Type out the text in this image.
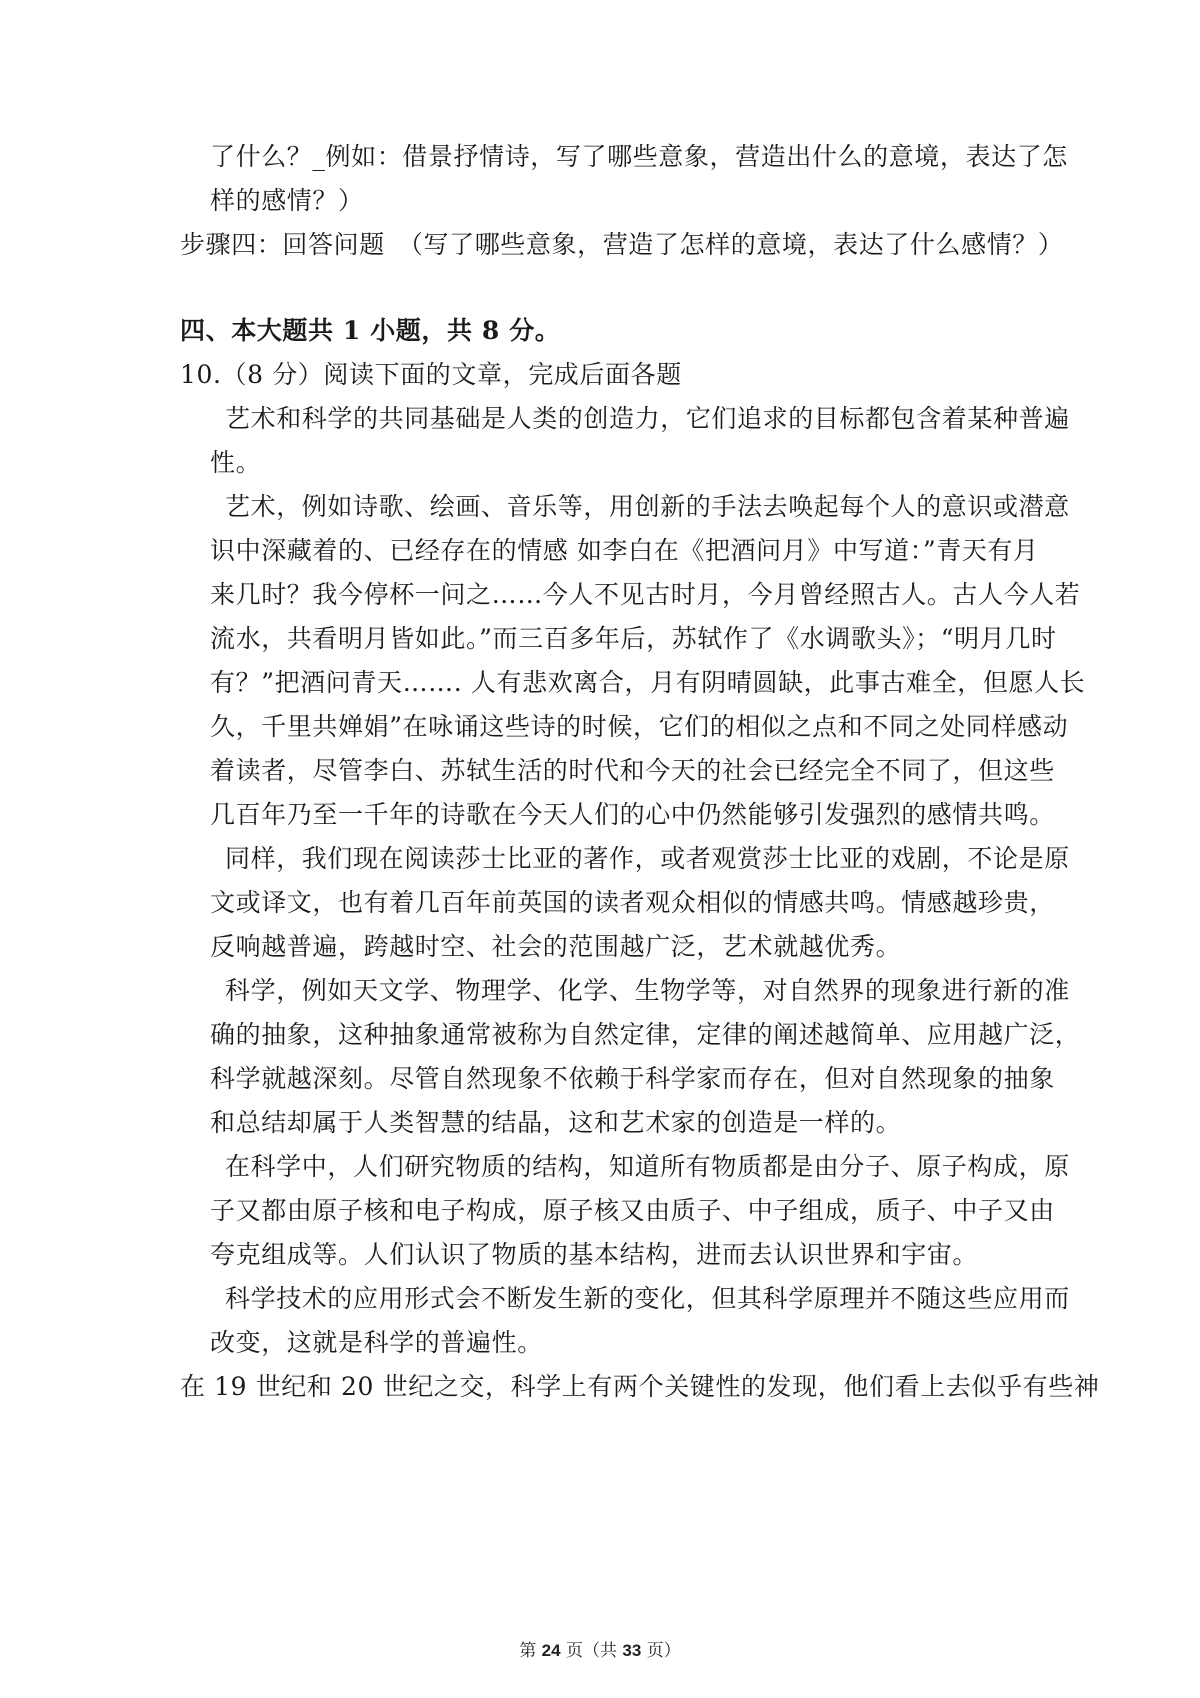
了什么？_例如：借景抒情诗，写了哪些意象，营造出什么的意境，表达了怎
样的感情？）
步骤四：回答问题　（写了哪些意象，营造了怎样的意境，表达了什么感情？）
四、本大题共 1 小题，共 8 分。
10.（8 分）阅读下面的文章，完成后面各题
艺术和科学的共同基础是人类的创造力，它们追求的目标都包含着某种普遍
性。
艺术，例如诗歌、绘画、音乐等，用创新的手法去唤起每个人的意识或潜意
识中深藏着的、已经存在的情感 如李白在《把酒问月》中写道：”青天有月
来几时？我今停杯一问之……今人不见古时月，今月曾经照古人。古人今人若
流水，共看明月皆如此。”而三百多年后，苏轼作了《水调歌头》；“明月几时
有？”把酒问青天……. 人有悲欢离合，月有阴晴圆缺，此事古难全，但愿人长
久，千里共婵娟”在咏诵这些诗的时候，它们的相似之点和不同之处同样感动
着读者，尽管李白、苏轼生活的时代和今天的社会已经完全不同了，但这些
几百年乃至一千年的诗歌在今天人们的心中仍然能够引发强烈的感情共鸣。
同样，我们现在阅读莎士比亚的著作，或者观赏莎士比亚的戏剧，不论是原
文或译文，也有着几百年前英国的读者观众相似的情感共鸣。情感越珍贵，
反响越普遍，跨越时空、社会的范围越广泛，艺术就越优秀。
科学，例如天文学、物理学、化学、生物学等，对自然界的现象进行新的准
确的抽象，这种抽象通常被称为自然定律，定律的阐述越简单、应用越广泛，
科学就越深刻。尽管自然现象不依赖于科学家而存在，但对自然现象的抽象
和总结却属于人类智慧的结晶，这和艺术家的创造是一样的。
在科学中，人们研究物质的结构，知道所有物质都是由分子、原子构成，原
子又都由原子核和电子构成，原子核又由质子、中子组成，质子、中子又由
夸克组成等。人们认识了物质的基本结构，进而去认识世界和宇宙。
科学技术的应用形式会不断发生新的变化，但其科学原理并不随这些应用而
改变，这就是科学的普遍性。
在 19 世纪和 20 世纪之交，科学上有两个关键性的发现，他们看上去似乎有些神
第 24 页（共 33 页）
